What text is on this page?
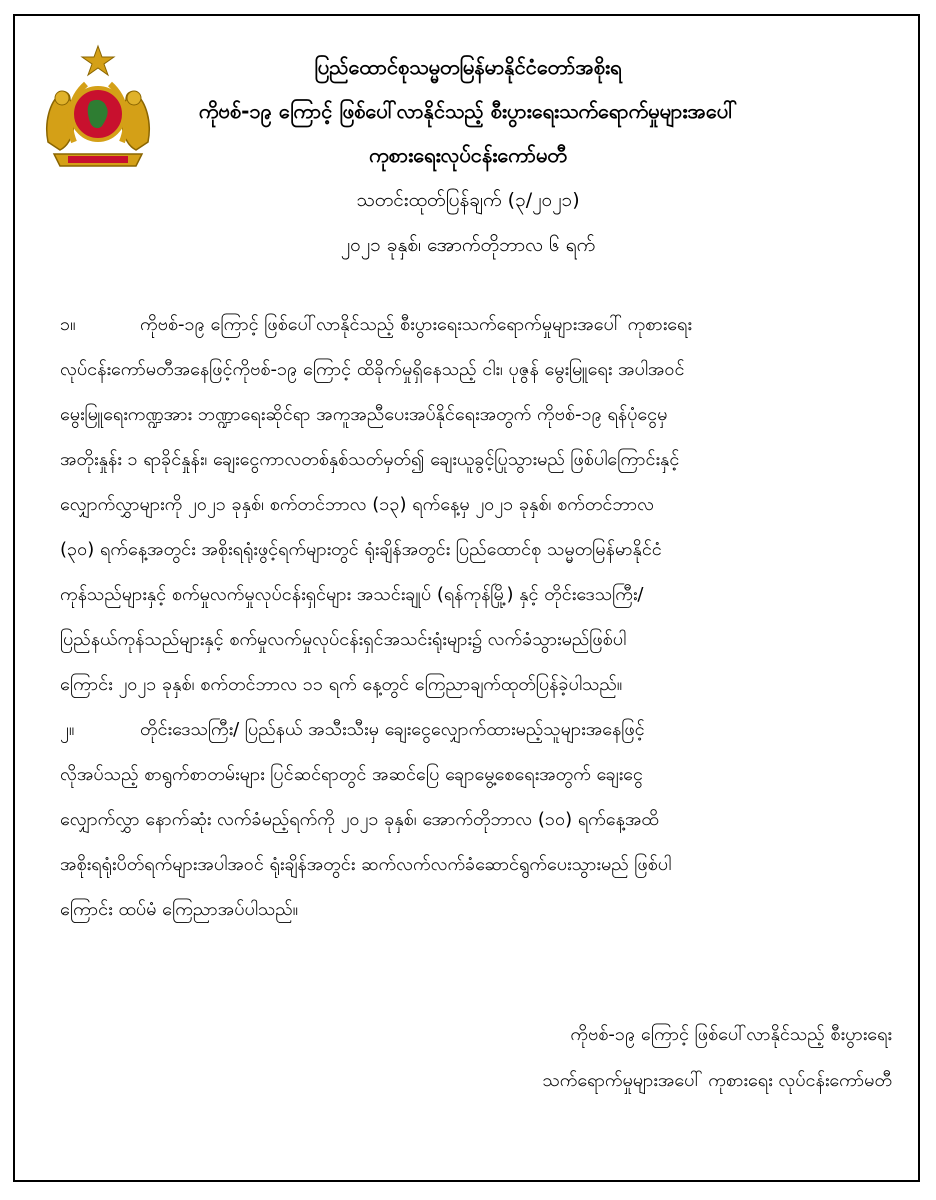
ပြည်ထောင်စုသမ္မတမြန်မာနိုင်ငံတော်အစိုးရ
ကိုဗစ်-၁၉ ကြောင့် ဖြစ်ပေါ်လာနိုင်သည့် စီးပွားရေးသက်ရောက်မှုများအပေါ်
ကုစားရေးလုပ်ငန်းကော်မတီ
သတင်းထုတ်ပြန်ချက် (၃/၂၀၂၁)
၂၀၂၁ ခုနှစ်၊ အောက်တိုဘာလ ၆ ရက်
၁။	ကိုဗစ်-၁၉ ကြောင့် ဖြစ်ပေါ်လာနိုင်သည့် စီးပွားရေးသက်ရောက်မှုများအပေါ် ကုစားရေး
လုပ်ငန်းကော်မတီအနေဖြင့်ကိုဗစ်-၁၉ ကြောင့် ထိခိုက်မှုရှိနေသည့် ငါး၊ ပုဇွန် မွေးမြူရေး အပါအဝင်
မွေးမြူရေးကဏ္ဍအား ဘဏ္ဍာရေးဆိုင်ရာ အကူအညီပေးအပ်နိုင်ရေးအတွက် ကိုဗစ်-၁၉ ရန်ပုံငွေမှ
အတိုးနှုန်း ၁ ရာခိုင်နှုန်း၊ ချေးငွေကာလတစ်နှစ်သတ်မှတ်၍ ချေးယူခွင့်ပြုသွားမည် ဖြစ်ပါကြောင်းနှင့်
လျှောက်လွှာများကို ၂၀၂၁ ခုနှစ်၊ စက်တင်ဘာလ (၁၃) ရက်နေ့မှ ၂၀၂၁ ခုနှစ်၊ စက်တင်ဘာလ
(၃၀) ရက်နေ့အတွင်း အစိုးရရုံးဖွင့်ရက်များတွင် ရုံးချိန်အတွင်း ပြည်ထောင်စု သမ္မတမြန်မာနိုင်ငံ
ကုန်သည်များနှင့် စက်မှုလက်မှုလုပ်ငန်းရှင်များ အသင်းချုပ် (ရန်ကုန်မြို့) နှင့် တိုင်းဒေသကြီး/
ပြည်နယ်ကုန်သည်များနှင့် စက်မှုလက်မှုလုပ်ငန်းရှင်အသင်းရုံးများ၌ လက်ခံသွားမည်ဖြစ်ပါ
ကြောင်း ၂၀၂၁ ခုနှစ်၊ စက်တင်ဘာလ ၁၁ ရက် နေ့တွင် ကြေညာချက်ထုတ်ပြန်ခဲ့ပါသည်။
၂။	တိုင်းဒေသကြီး/ ပြည်နယ် အသီးသီးမှ ချေးငွေလျှောက်ထားမည့်သူများအနေဖြင့်
လိုအပ်သည့် စာရွက်စာတမ်းများ ပြင်ဆင်ရာတွင် အဆင်ပြေ ချောမွေ့စေရေးအတွက် ချေးငွေ
လျှောက်လွှာ နောက်ဆုံး လက်ခံမည့်ရက်ကို ၂၀၂၁ ခုနှစ်၊ အောက်တိုဘာလ (၁၀) ရက်နေ့အထိ
အစိုးရရုံးပိတ်ရက်များအပါအဝင် ရုံးချိန်အတွင်း ဆက်လက်လက်ခံဆောင်ရွက်ပေးသွားမည် ဖြစ်ပါ
ကြောင်း ထပ်မံ ကြေညာအပ်ပါသည်။
ကိုဗစ်-၁၉ ကြောင့် ဖြစ်ပေါ်လာနိုင်သည့် စီးပွားရေး
သက်ရောက်မှုများအပေါ် ကုစားရေး လုပ်ငန်းကော်မတီ
